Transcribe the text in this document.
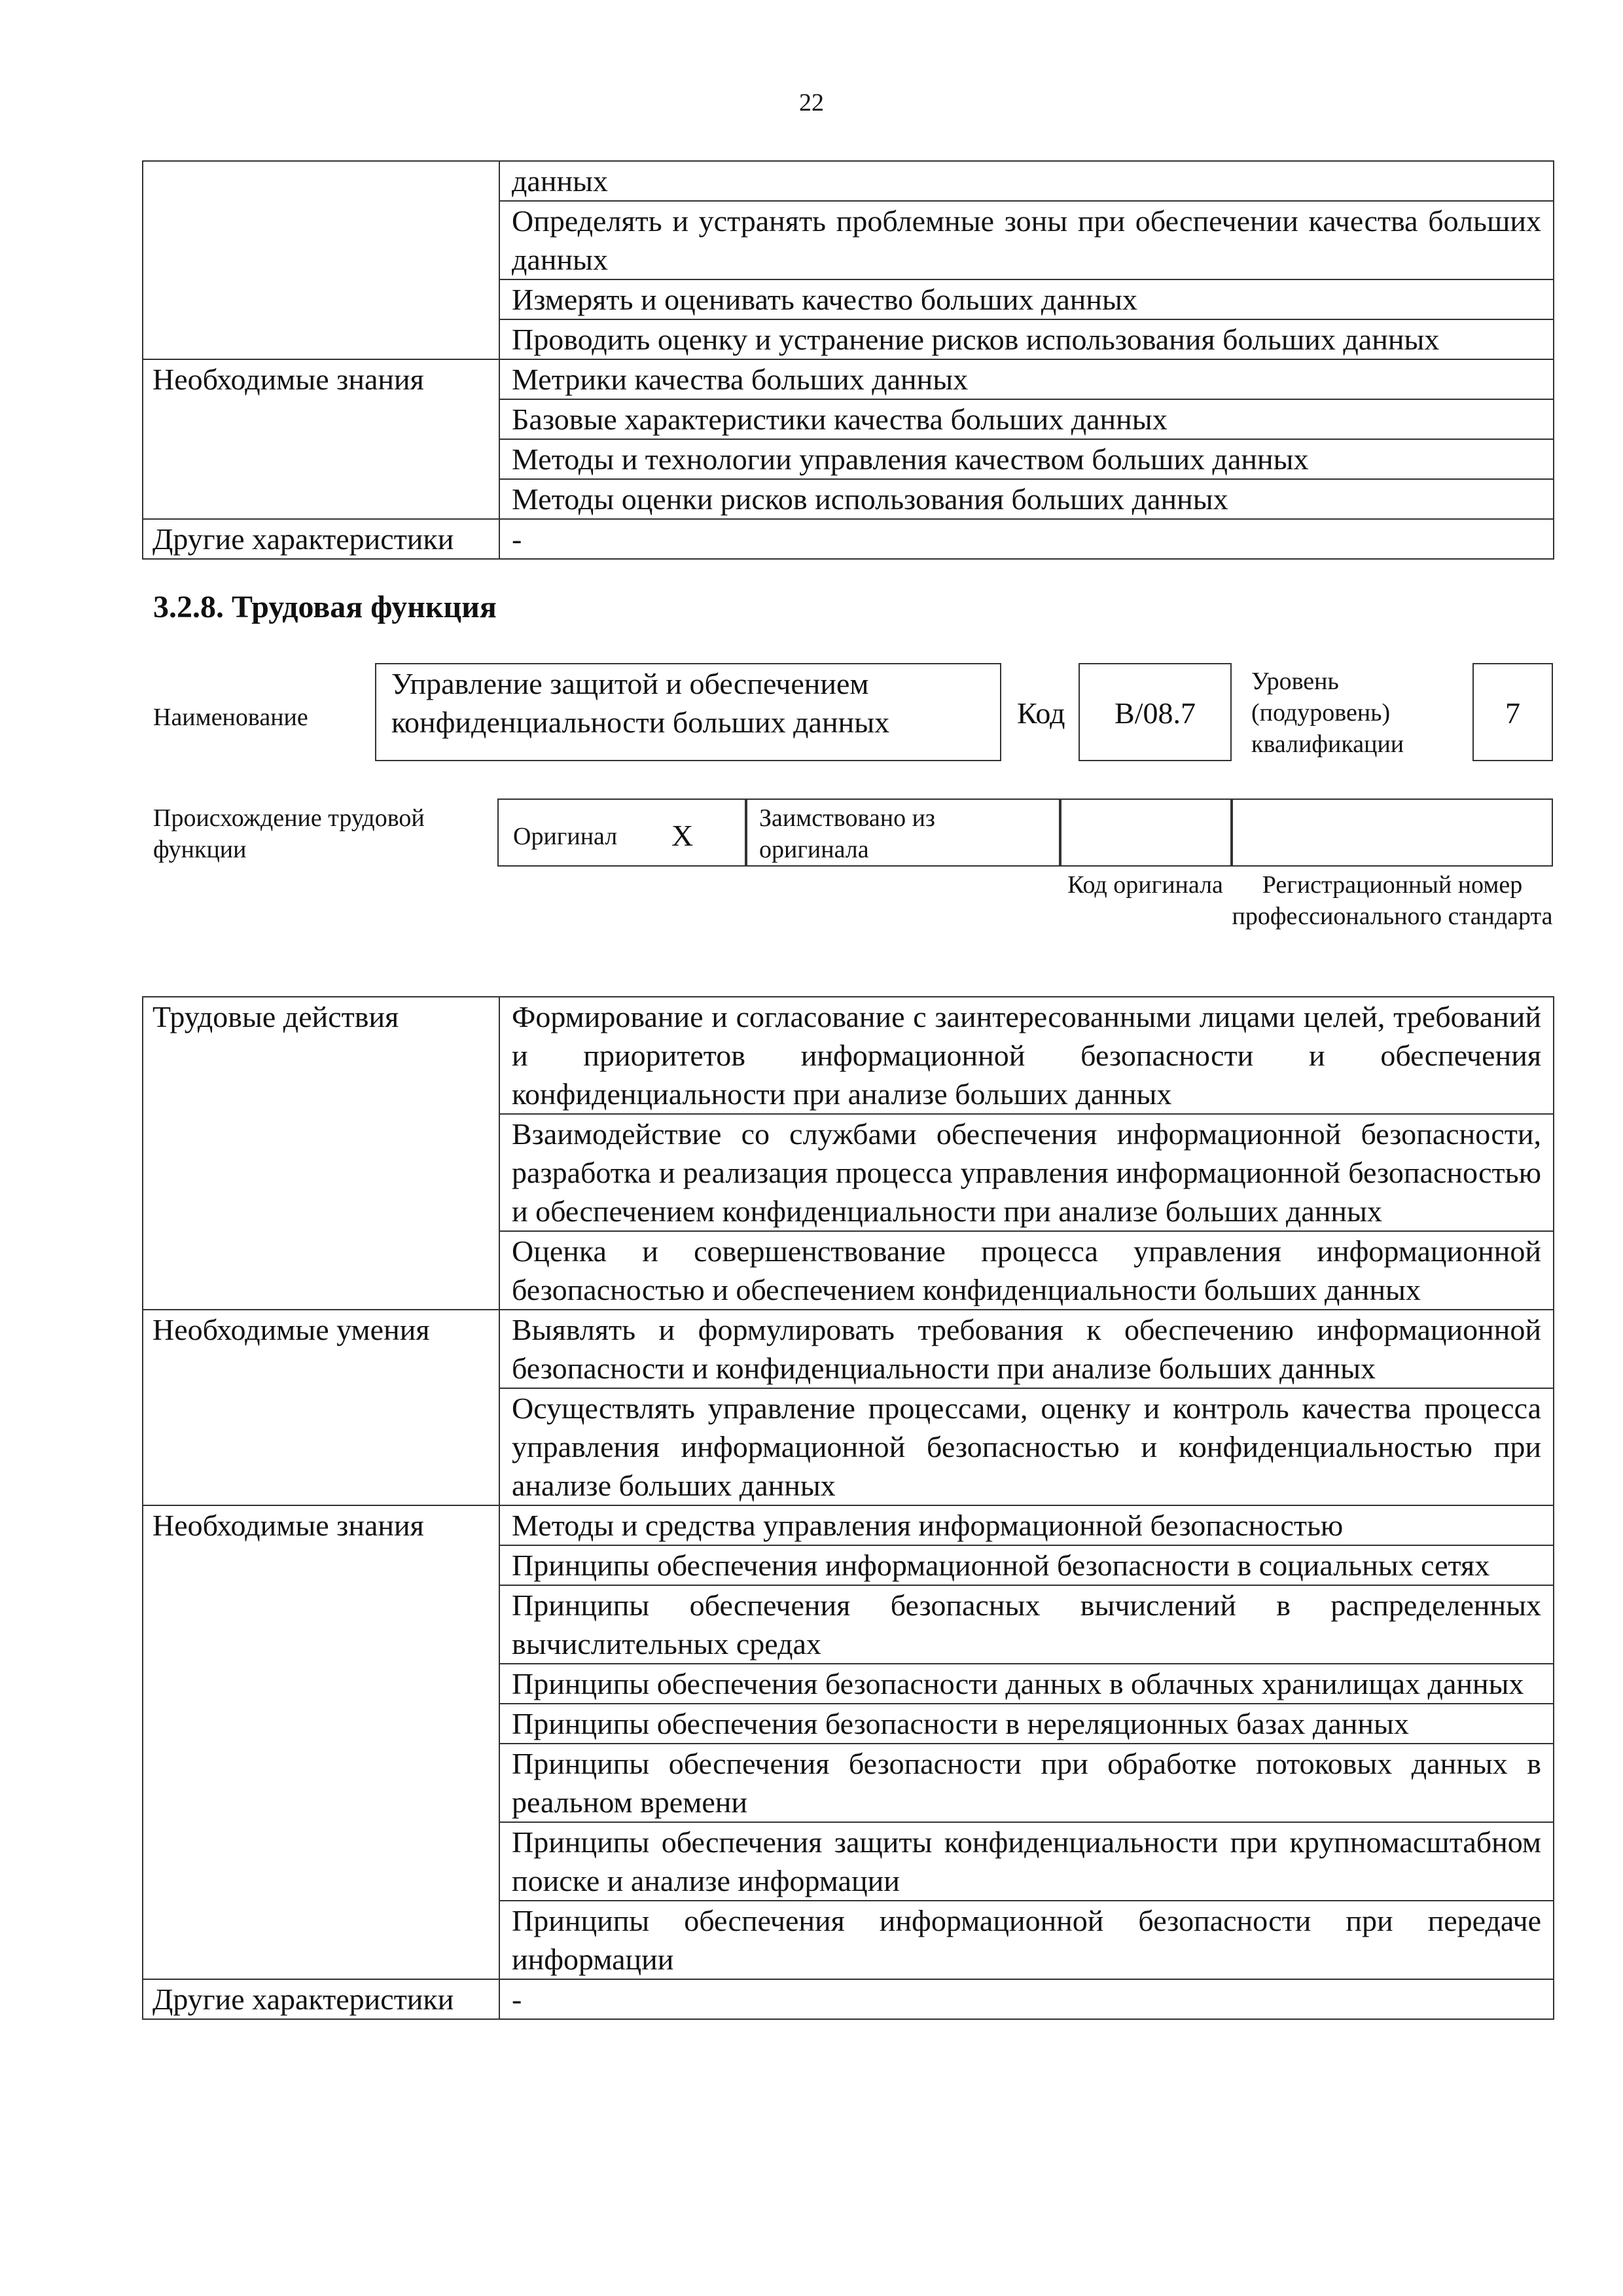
22
	данных
	Определять и устранять проблемные зоны при обеспечении качества больших данных
	Измерять и оценивать качество больших данных
	Проводить оценку и устранение рисков использования больших данных
Необходимые знания	Метрики качества больших данных
	Базовые характеристики качества больших данных
	Методы и технологии управления качеством больших данных
	Методы оценки рисков использования больших данных
Другие характеристики	-
3.2.8. Трудовая функция
Наименование
Управление защитой и обеспечением конфиденциальности больших данных	Код	B/08.7
Уровень (подуровень) квалификации
7
Происхождение трудовой функции	Оригинал X
Заимствовано из оригинала
Код оригинала	Регистрационный номер профессионального стандарта
Трудовые действия	Формирование и согласование с заинтересованными лицами целей, требований и приоритетов информационной безопасности и обеспечения конфиденциальности при анализе больших данных
	Взаимодействие со службами обеспечения информационной безопасности, разработка и реализация процесса управления информационной безопасностью и обеспечением конфиденциальности при анализе больших данных
	Оценка и совершенствование процесса управления информационной безопасностью и обеспечением конфиденциальности больших данных
Необходимые умения	Выявлять и формулировать требования к обеспечению информационной безопасности и конфиденциальности при анализе больших данных
	Осуществлять управление процессами, оценку и контроль качества процесса управления информационной безопасностью и конфиденциальностью при анализе больших данных
Необходимые знания	Методы и средства управления информационной безопасностью
	Принципы обеспечения информационной безопасности в социальных сетях
	Принципы обеспечения безопасных вычислений в распределенных вычислительных средах
	Принципы обеспечения безопасности данных в облачных хранилищах данных
	Принципы обеспечения безопасности в нереляционных базах данных
	Принципы обеспечения безопасности при обработке потоковых данных в реальном времени
	Принципы обеспечения защиты конфиденциальности при крупномасштабном поиске и анализе информации
	Принципы обеспечения информационной безопасности при передаче информации
Другие характеристики	-
